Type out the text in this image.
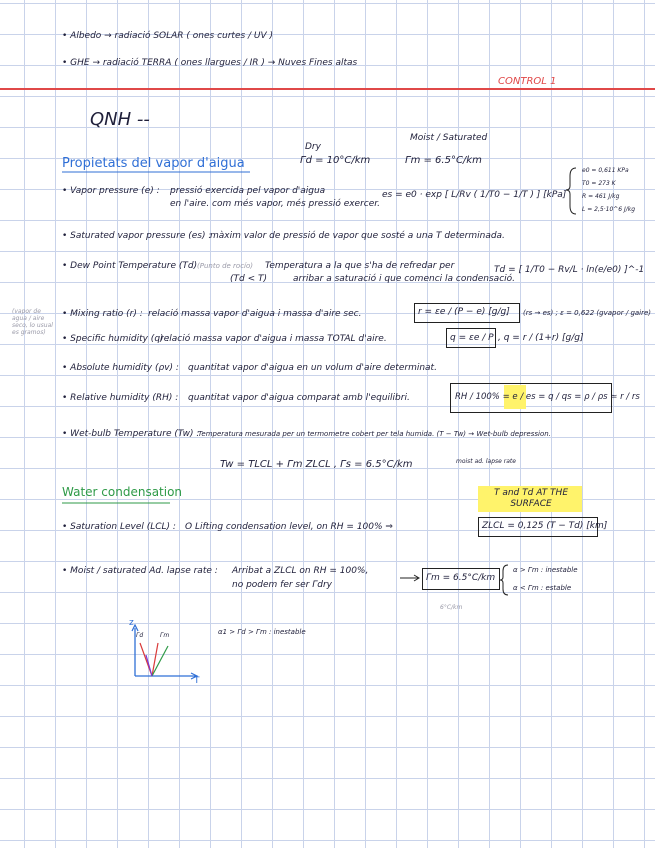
• Albedo → radiació SOLAR ( ones curtes / UV )
• GHE → radiació TERRA ( ones llargues / IR ) → Nuves Fines altas
CONTROL 1
QNH --
Dry
Moist / Saturated
Γd = 10°C/km	Γm = 6.5°C/km
Propietats del vapor d'aigua
• Vapor pressure (e) : pressió exercida pel vapor d'aigua
en l'aire. com més vapor, més pressió exercer.
es = e0 · exp [ L/Rv ( 1/T0 − 1/T ) ] [kPa]
e0 = 0,611 KPa
T0 = 273 K
R = 461 J/kg
L = 2,5·10^6 J/kg
• Saturated vapor pressure (es) :
màxim valor de pressió de vapor que sosté a una T determinada.
• Dew Point Temperature (Td) (Punto de rocío) Temperatura a la que s'ha de refredar per
(Td < T)	arribar a saturació i que comenci la condensació.
Td = [ 1/T0 − Rv/L · ln(e/e0) ]^-1
(vapor de agua / aire seco, lo usual es gramos)
• Mixing ratio (r) : relació massa vapor d'aigua i massa d'aire sec.	r = εe / (P − e) [g/g] (rs → es) ; ε = 0,622 (gvapor / gaire)
• Specific humidity (q) :
relació massa vapor d'aigua i massa TOTAL d'aire.	q = εe / P , q = r / (1+r) [g/g]
• Absolute humidity (ρv) : quantitat vapor d'aigua en un volum d'aire determinat.
• Relative humidity (RH) : quantitat vapor d'aigua comparat amb l'equilibri.	RH / 100% = e / es = q / qs = ρ / ρs ≃ r / rs
• Wet-bulb Temperature (Tw) :
Temperatura mesurada per un termometre cobert per tela humida. (T − Tw) → Wet-bulb depression.
Tw = TLCL + Γm ZLCL , Γs = 6.5°C/km	moist ad. lapse rate
Water condensation	T and Td AT THE SURFACE
• Saturation Level (LCL) : O Lifting condensation level, on RH = 100% ⇒	ZLCL = 0,125 (T − Td) [km]
• Moist / saturated Ad. lapse rate : Arribat a ZLCL on RH = 100%,
no podem fer ser Γdry
Γm = 6.5°C/km
6°C/km
α > Γm : inestable
α < Γm : estable
z
T
Γd	Γm	α1 > Γd > Γm : inestable
